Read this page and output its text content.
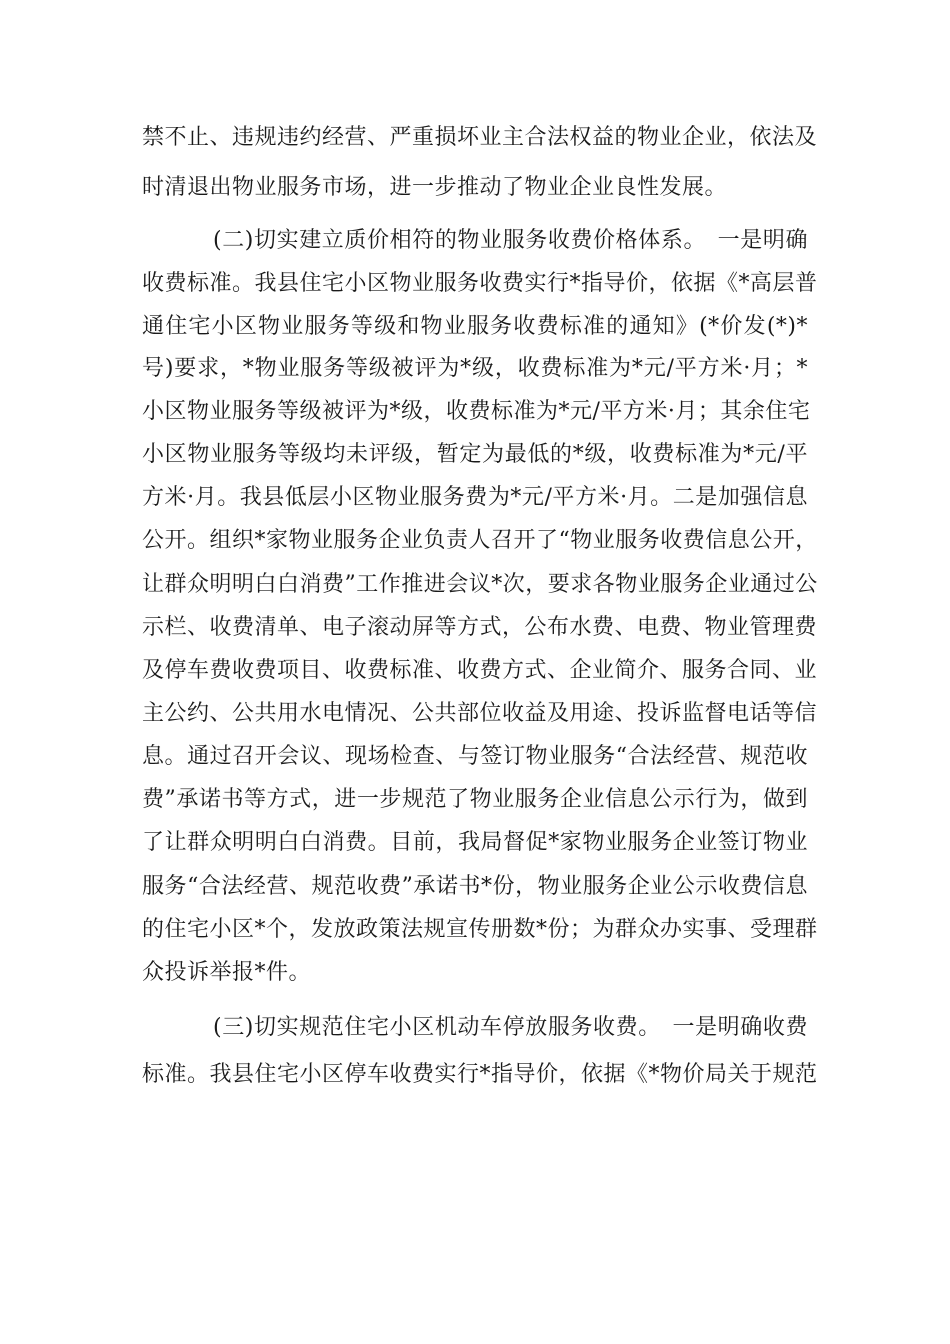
禁不止、违规违约经营、严重损坏业主合法权益的物业企业，依法及
时清退出物业服务市场，进一步推动了物业企业良性发展。
(二)切实建立质价相符的物业服务收费价格体系。　一是明确
收费标准。我县住宅小区物业服务收费实行*指导价，依据《*高层普
通住宅小区物业服务等级和物业服务收费标准的通知》(*价发(*)*
号)要求，*物业服务等级被评为*级，收费标准为*元/平方米·月；*
小区物业服务等级被评为*级，收费标准为*元/平方米·月；其余住宅
小区物业服务等级均未评级，暂定为最低的*级，收费标准为*元/平
方米·月。我县低层小区物业服务费为*元/平方米·月。二是加强信息
公开。组织*家物业服务企业负责人召开了“物业服务收费信息公开，
让群众明明白白消费”工作推进会议*次，要求各物业服务企业通过公
示栏、收费清单、电子滚动屏等方式，公布水费、电费、物业管理费
及停车费收费项目、收费标准、收费方式、企业简介、服务合同、业
主公约、公共用水电情况、公共部位收益及用途、投诉监督电话等信
息。通过召开会议、现场检查、与签订物业服务“合法经营、规范收
费”承诺书等方式，进一步规范了物业服务企业信息公示行为，做到
了让群众明明白白消费。目前，我局督促*家物业服务企业签订物业
服务“合法经营、规范收费”承诺书*份，物业服务企业公示收费信息
的住宅小区*个，发放政策法规宣传册数*份；为群众办实事、受理群
众投诉举报*件。
(三)切实规范住宅小区机动车停放服务收费。　一是明确收费
标准。我县住宅小区停车收费实行*指导价，依据《*物价局关于规范
